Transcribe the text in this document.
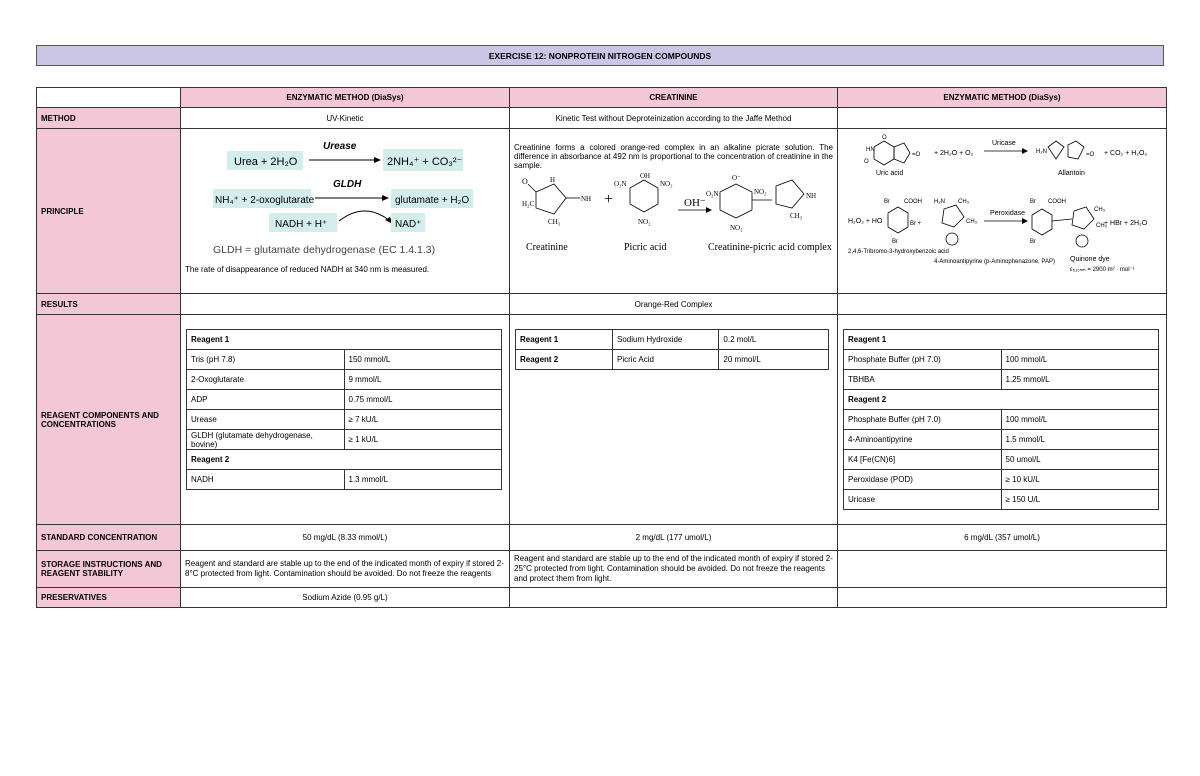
EXERCISE 12: NONPROTEIN NITROGEN COMPOUNDS
	ENZYMATIC METHOD (DiaSys)	CREATININE	ENZYMATIC METHOD (DiaSys)
METHOD	UV-Kinetic	Kinetic Test without Deproteinization according to the Jaffe Method	
PRINCIPLE	
Urea + 2H₂O
Urease
2NH₄⁺ + CO₃²⁻
NH₄⁺ + 2-oxoglutarate
GLDH
glutamate + H₂O
NADH + H⁺	NAD⁺
GLDH = glutamate dehydrogenase (EC 1.4.1.3)
The rate of disappearance of reduced NADH at 340 nm is measured.

Creatinine forms a colored orange-red complex in an alkaline picrate solution. The difference in absorbance at 492 nm is proportional to the concentration of creatinine in the sample.
O	H
NH
H₂C
CH₃
Creatinine
+
OH
O₂N	NO₂
NO₂
Picric acid
OH⁻
O⁻
O₂N	NO₂
NO₂
NH
CH₃
Creatinine-picric acid complex

O
HN
O
=O
Uric acid
+ 2H₂O + O₂
Uricase
H₂N	=O
Allantoin
+ CO₂ + H₂O₂
H₂O₂ + HO
Br COOH
Br +
Br
2,4,6-Tribromo-3-hydroxybenzoic acid
H₂N CH₃
CH₃
4-Aminoantipyrine (p-Aminophenazone, PAP)
Peroxidase
Br COOH
Br
CH₃
CH₃
Quinone dye
ε₅₁₀ₙₘ = 2900 m² · mol⁻¹
+ HBr + 2H₂O

RESULTS		Orange-Red Complex	
REAGENT COMPONENTS AND CONCENTRATIONS	
Reagent 1
Tris (pH 7.8)	150 mmol/L
2-Oxoglutarate	9 mmol/L
ADP	0.75 mmol/L
Urease	≥ 7 kU/L
GLDH (glutamate dehydrogenase, bovine)	≥ 1 kU/L
Reagent 2
NADH	1.3 mmol/L

Reagent 1	Sodium Hydroxide	0.2 mol/L
Reagent 2	Picric Acid	20 mmol/L

Reagent 1
Phosphate Buffer (pH 7.0)	100 mmol/L
TBHBA	1.25 mmol/L
Reagent 2
Phosphate Buffer (pH 7.0)	100 mmol/L
4-Aminoantipyrine	1.5 mmol/L
K4 [Fe(CN)6]	50 umol/L
Peroxidase (POD)	≥ 10 kU/L
Uricase	≥ 150 U/L

STANDARD CONCENTRATION	50 mg/dL (8.33 mmol/L)	2 mg/dL (177 umol/L)	6 mg/dL (357 umol/L)
STORAGE INSTRUCTIONS AND REAGENT STABILITY	Reagent and standard are stable up to the end of the indicated month of expiry if stored 2-8°C protected from light. Contamination should be avoided. Do not freeze the reagents	Reagent and standard are stable up to the end of the indicated month of expiry if stored 2-25°C protected from light. Contamination should be avoided. Do not freeze the reagents and protect them from light.	
PRESERVATIVES	Sodium Azide (0.95 g/L)		
